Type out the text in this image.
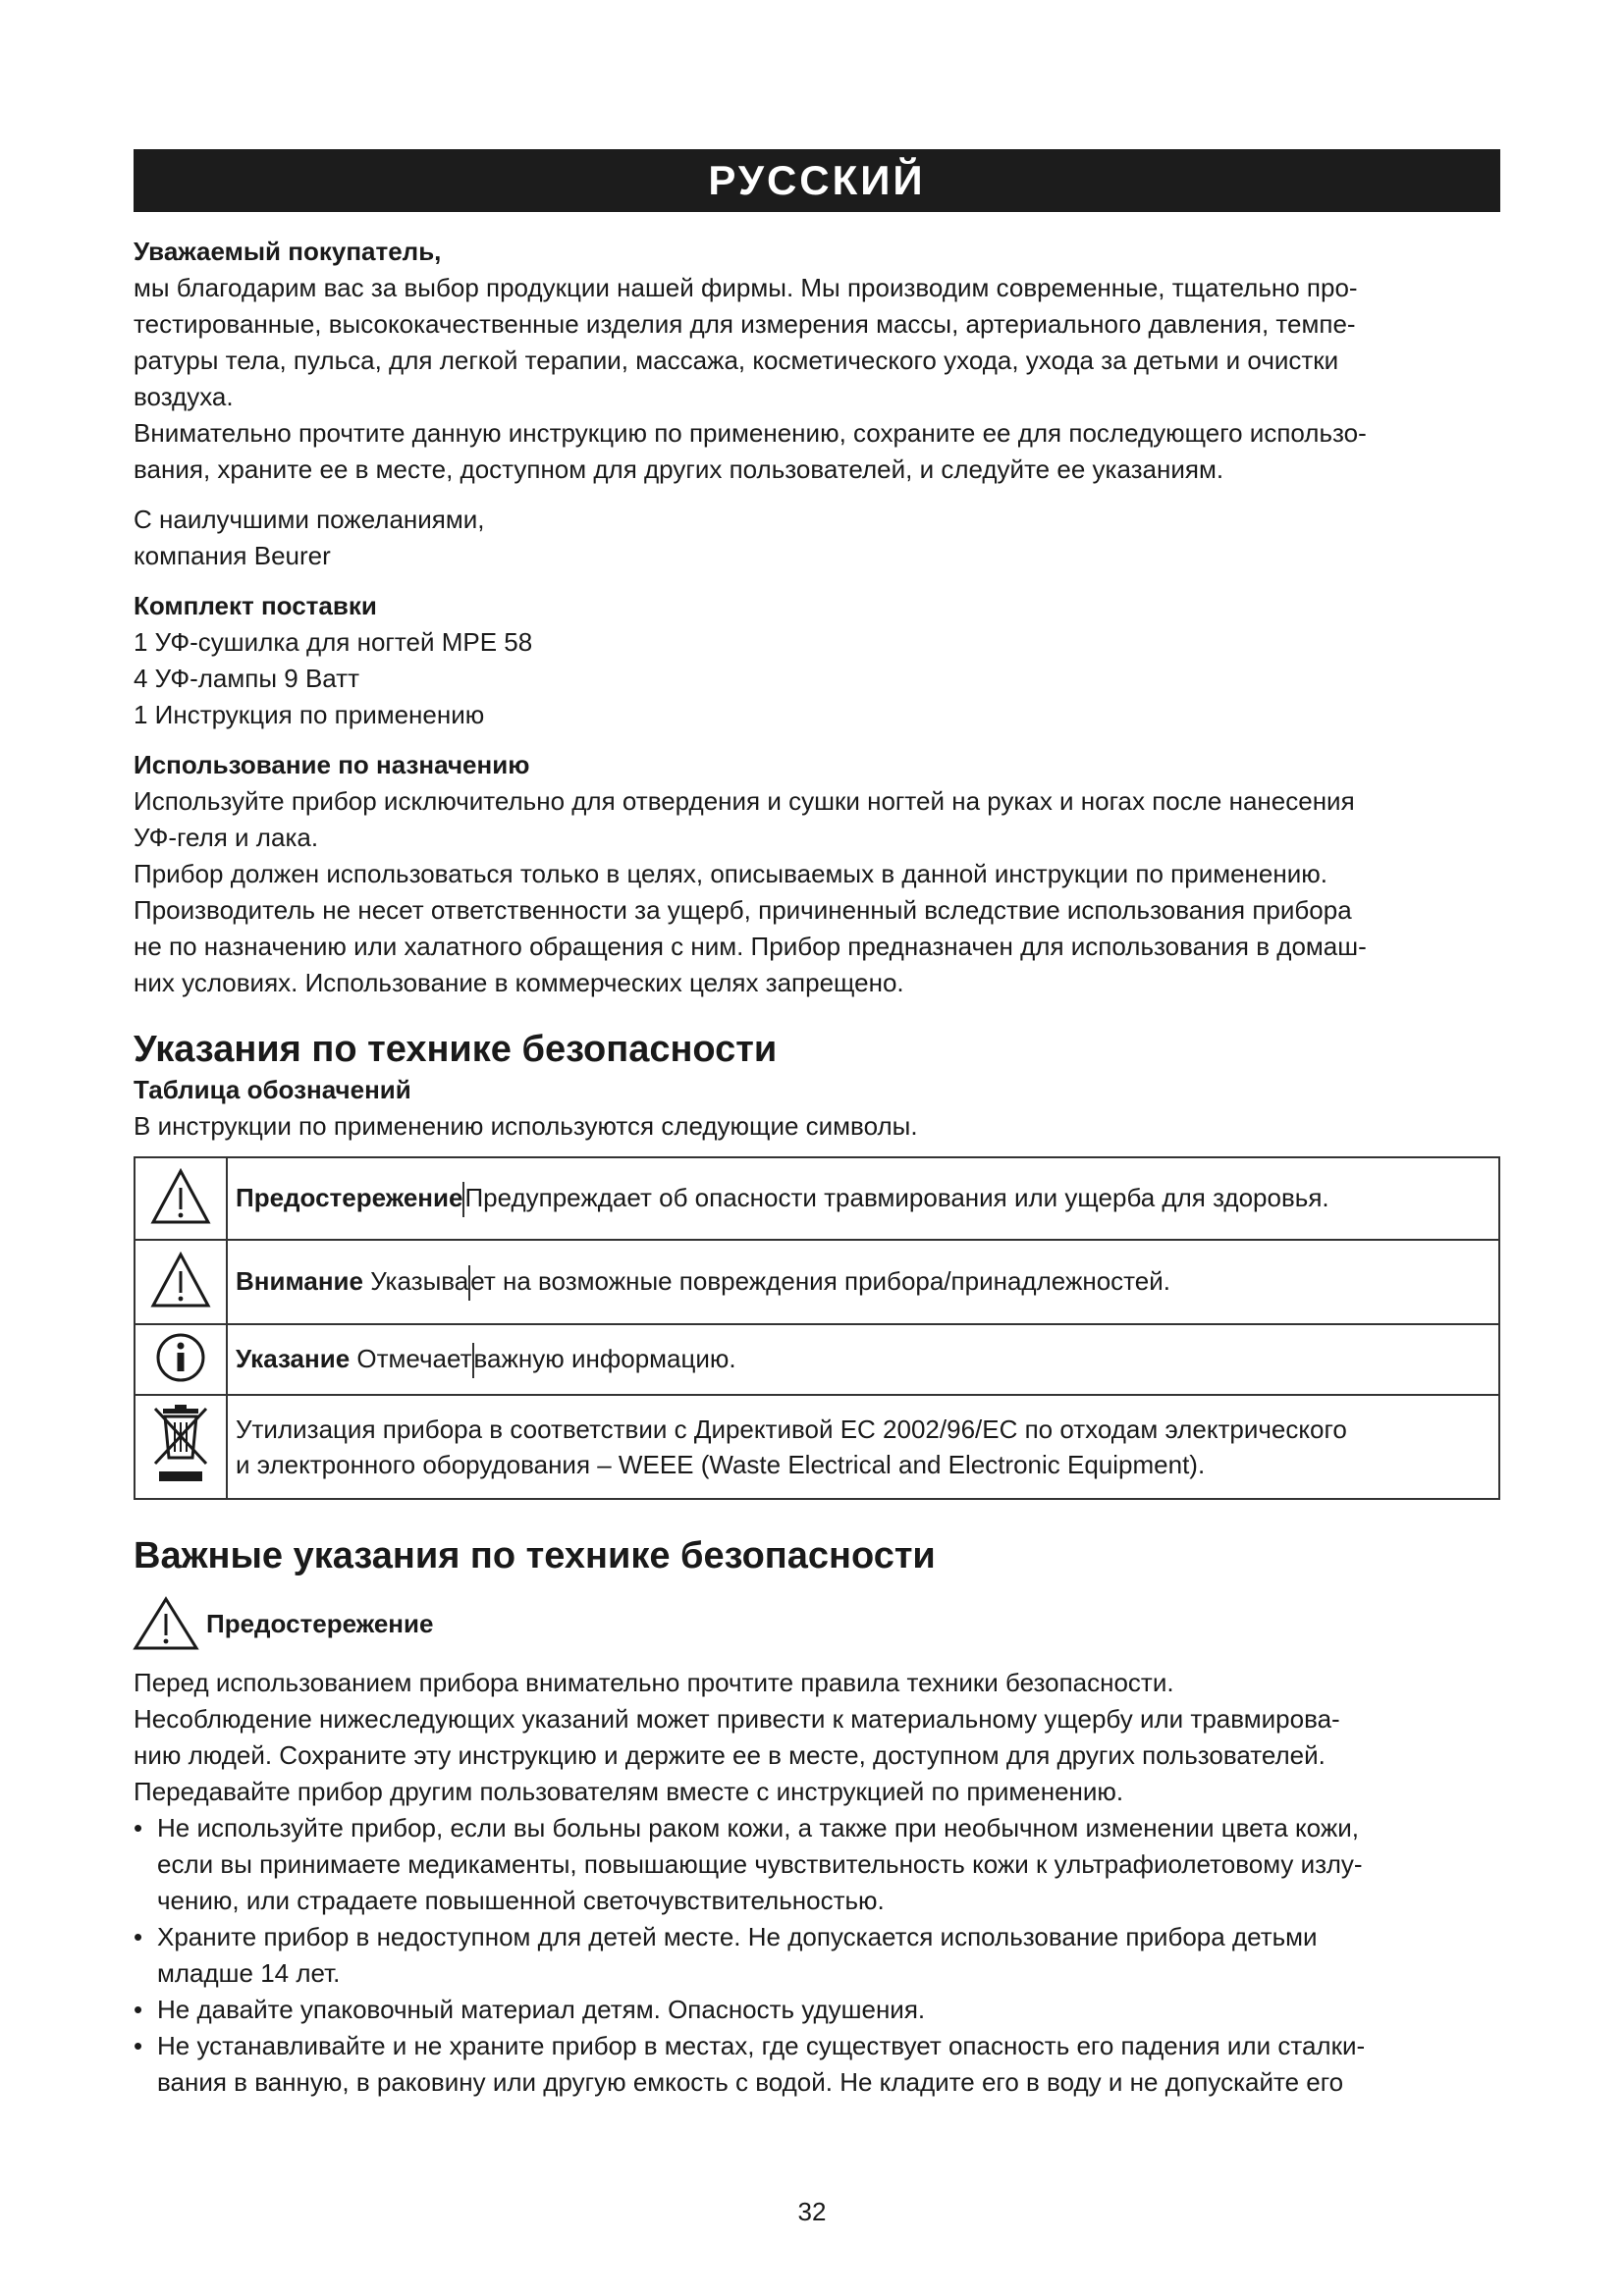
РУССКИЙ

Уважаемый покупатель,

мы благодарим вас за выбор продукции нашей фирмы. Мы производим современные, тщательно про-

тестированные, высококачественные изделия для измерения массы, артериального давления, темпе-

ратуры тела, пульса, для легкой терапии, массажа, косметического ухода, ухода за детьми и очистки

воздуха.

Внимательно прочтите данную инструкцию по применению, сохраните ее для последующего использо-

вания, храните ее в месте, доступном для других пользователей, и следуйте ее указаниям.

С наилучшими пожеланиями,

компания Beurer

Комплект поставки

1 УФ-сушилка для ногтей MPE 58

4 УФ-лампы 9 Ватт

1 Инструкция по применению

Использование по назначению

Используйте прибор исключительно для отвердения и сушки ногтей на руках и ногах после нанесения

УФ-геля и лака.

Прибор должен использоваться только в целях, описываемых в данной инструкции по применению.

Производитель не несет ответственности за ущерб, причиненный вследствие использования прибора

не по назначению или халатного обращения с ним. Прибор предназначен для использования в домаш-

них условиях. Использование в коммерческих целях запрещено.

Указания по технике безопасности

Таблица обозначений

В инструкции по применению используются следующие символы.

	ПредостережениеПредупреждает об опасности травмирования или ущерба для здоровья.
	Внимание Указывает на возможные повреждения прибора/принадлежностей.
	Указание Отмечаетважную информацию.

Утилизация прибора в соответствии с Директивой ЕС 2002/96/EC по отходам электрического
и электронного оборудования – WEEE (Waste Electrical and Electronic Equipment).

Важные указания по технике безопасности

Предостережение

Перед использованием прибора внимательно прочтите правила техники безопасности.

Несоблюдение нижеследующих указаний может привести к материальному ущербу или травмирова-

нию людей. Сохраните эту инструкцию и держите ее в месте, доступном для других пользователей.

Передавайте прибор другим пользователям вместе с инструкцией по применению.

• Не используйте прибор, если вы больны раком кожи, а также при необычном изменении цвета кожи,
если вы принимаете медикаменты, повышающие чувствительность кожи к ультрафиолетовому излу-
чению, или страдаете повышенной светочувствительностью.
• Храните прибор в недоступном для детей месте. Не допускается использование прибора детьми
младше 14 лет.
• Не давайте упаковочный материал детям. Опасность удушения.
• Не устанавливайте и не храните прибор в местах, где существует опасность его падения или сталки-
вания в ванную, в раковину или другую емкость с водой. Не кладите его в воду и не допускайте его
32
